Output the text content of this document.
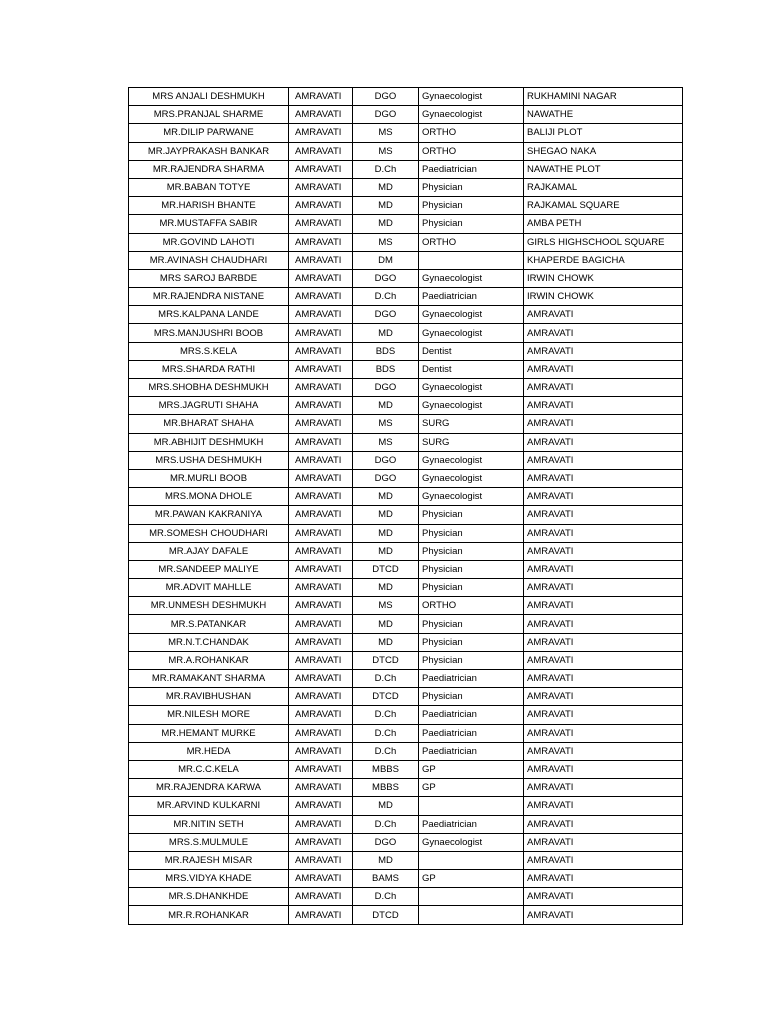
MRS ANJALI DESHMUKH	AMRAVATI	DGO	Gynaecologist	RUKHAMINI NAGAR
MRS.PRANJAL SHARME	AMRAVATI	DGO	Gynaecologist	NAWATHE
MR.DILIP PARWANE	AMRAVATI	MS	ORTHO	BALIJI PLOT
MR.JAYPRAKASH BANKAR	AMRAVATI	MS	ORTHO	SHEGAO NAKA
MR.RAJENDRA SHARMA	AMRAVATI	D.Ch	Paediatrician	NAWATHE PLOT
MR.BABAN TOTYE	AMRAVATI	MD	Physician	RAJKAMAL
MR.HARISH BHANTE	AMRAVATI	MD	Physician	RAJKAMAL SQUARE
MR.MUSTAFFA SABIR	AMRAVATI	MD	Physician	AMBA PETH
MR.GOVIND LAHOTI	AMRAVATI	MS	ORTHO	GIRLS HIGHSCHOOL SQUARE
MR.AVINASH CHAUDHARI	AMRAVATI	DM		KHAPERDE BAGICHA
MRS SAROJ BARBDE	AMRAVATI	DGO	Gynaecologist	IRWIN CHOWK
MR.RAJENDRA NISTANE	AMRAVATI	D.Ch	Paediatrician	IRWIN CHOWK
MRS.KALPANA LANDE	AMRAVATI	DGO	Gynaecologist	AMRAVATI
MRS.MANJUSHRI BOOB	AMRAVATI	MD	Gynaecologist	AMRAVATI
MRS.S.KELA	AMRAVATI	BDS	Dentist	AMRAVATI
MRS.SHARDA RATHI	AMRAVATI	BDS	Dentist	AMRAVATI
MRS.SHOBHA DESHMUKH	AMRAVATI	DGO	Gynaecologist	AMRAVATI
MRS.JAGRUTI SHAHA	AMRAVATI	MD	Gynaecologist	AMRAVATI
MR.BHARAT SHAHA	AMRAVATI	MS	SURG	AMRAVATI
MR.ABHIJIT DESHMUKH	AMRAVATI	MS	SURG	AMRAVATI
MRS.USHA DESHMUKH	AMRAVATI	DGO	Gynaecologist	AMRAVATI
MR.MURLI BOOB	AMRAVATI	DGO	Gynaecologist	AMRAVATI
MRS.MONA DHOLE	AMRAVATI	MD	Gynaecologist	AMRAVATI
MR.PAWAN KAKRANIYA	AMRAVATI	MD	Physician	AMRAVATI
MR.SOMESH CHOUDHARI	AMRAVATI	MD	Physician	AMRAVATI
MR.AJAY DAFALE	AMRAVATI	MD	Physician	AMRAVATI
MR.SANDEEP MALIYE	AMRAVATI	DTCD	Physician	AMRAVATI
MR.ADVIT MAHLLE	AMRAVATI	MD	Physician	AMRAVATI
MR.UNMESH DESHMUKH	AMRAVATI	MS	ORTHO	AMRAVATI
MR.S.PATANKAR	AMRAVATI	MD	Physician	AMRAVATI
MR.N.T.CHANDAK	AMRAVATI	MD	Physician	AMRAVATI
MR.A.ROHANKAR	AMRAVATI	DTCD	Physician	AMRAVATI
MR.RAMAKANT SHARMA	AMRAVATI	D.Ch	Paediatrician	AMRAVATI
MR.RAVIBHUSHAN	AMRAVATI	DTCD	Physician	AMRAVATI
MR.NILESH MORE	AMRAVATI	D.Ch	Paediatrician	AMRAVATI
MR.HEMANT MURKE	AMRAVATI	D.Ch	Paediatrician	AMRAVATI
MR.HEDA	AMRAVATI	D.Ch	Paediatrician	AMRAVATI
MR.C.C.KELA	AMRAVATI	MBBS	GP	AMRAVATI
MR.RAJENDRA KARWA	AMRAVATI	MBBS	GP	AMRAVATI
MR.ARVIND KULKARNI	AMRAVATI	MD		AMRAVATI
MR.NITIN SETH	AMRAVATI	D.Ch	Paediatrician	AMRAVATI
MRS.S.MULMULE	AMRAVATI	DGO	Gynaecologist	AMRAVATI
MR.RAJESH MISAR	AMRAVATI	MD		AMRAVATI
MRS.VIDYA KHADE	AMRAVATI	BAMS	GP	AMRAVATI
MR.S.DHANKHDE	AMRAVATI	D.Ch		AMRAVATI
MR.R.ROHANKAR	AMRAVATI	DTCD		AMRAVATI
